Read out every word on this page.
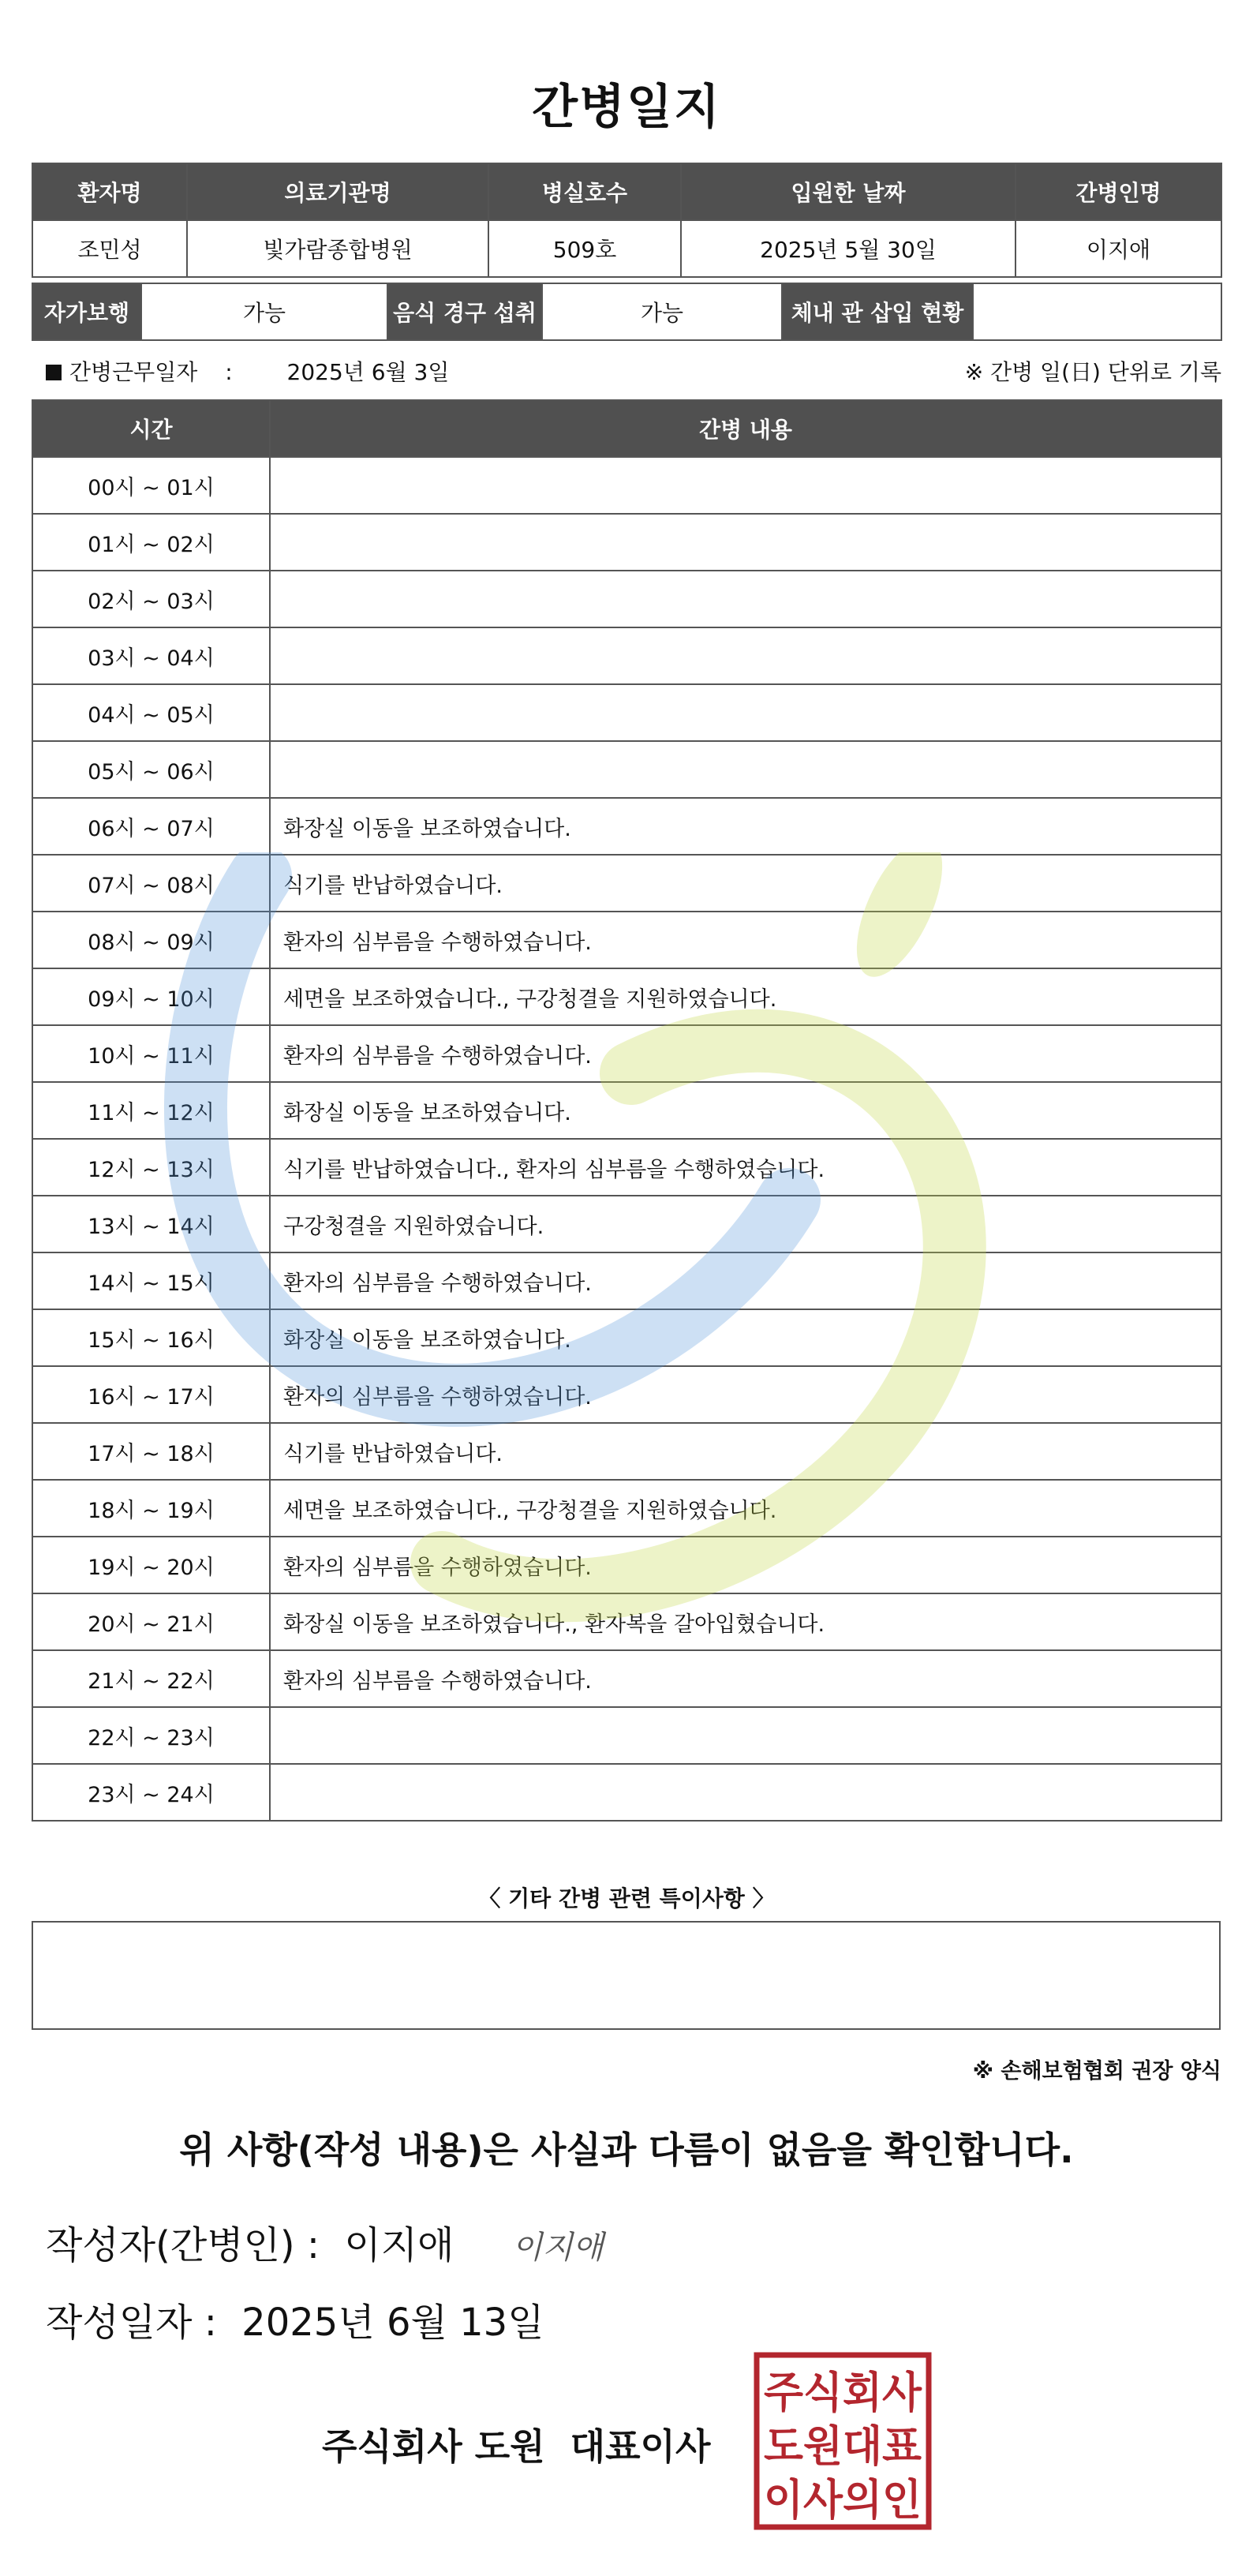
간병일지
환자명	의료기관명	병실호수	입원한 날짜	간병인명
조민성	빛가람종합병원	509호	2025년 5월 30일	이지애
자가보행	가능	음식 경구 섭취	가능	체내 관 삽입 현황	
간병근무일자 : 2025년 6월 3일	※ 간병 일(日) 단위로 기록
시간	간병 내용
00시 ~ 01시	
01시 ~ 02시	
02시 ~ 03시	
03시 ~ 04시	
04시 ~ 05시	
05시 ~ 06시	
06시 ~ 07시	화장실 이동을 보조하였습니다.
07시 ~ 08시	식기를 반납하였습니다.
08시 ~ 09시	환자의 심부름을 수행하였습니다.
09시 ~ 10시	세면을 보조하였습니다., 구강청결을 지원하였습니다.
10시 ~ 11시	환자의 심부름을 수행하였습니다.
11시 ~ 12시	화장실 이동을 보조하였습니다.
12시 ~ 13시	식기를 반납하였습니다., 환자의 심부름을 수행하였습니다.
13시 ~ 14시	구강청결을 지원하였습니다.
14시 ~ 15시	환자의 심부름을 수행하였습니다.
15시 ~ 16시	화장실 이동을 보조하였습니다.
16시 ~ 17시	환자의 심부름을 수행하였습니다.
17시 ~ 18시	식기를 반납하였습니다.
18시 ~ 19시	세면을 보조하였습니다., 구강청결을 지원하였습니다.
19시 ~ 20시	환자의 심부름을 수행하였습니다.
20시 ~ 21시	화장실 이동을 보조하였습니다., 환자복을 갈아입혔습니다.
21시 ~ 22시	환자의 심부름을 수행하였습니다.
22시 ~ 23시	
23시 ~ 24시	
〈 기타 간병 관련 특이사항 〉
※ 손해보험협회 권장 양식
위 사항(작성 내용)은 사실과 다름이 없음을 확인합니다.
작성자(간병인) : 이지애 이지애
작성일자 : 2025년 6월 13일
주식회사 도원  대표이사
주식회사
도원대표
이사의인
